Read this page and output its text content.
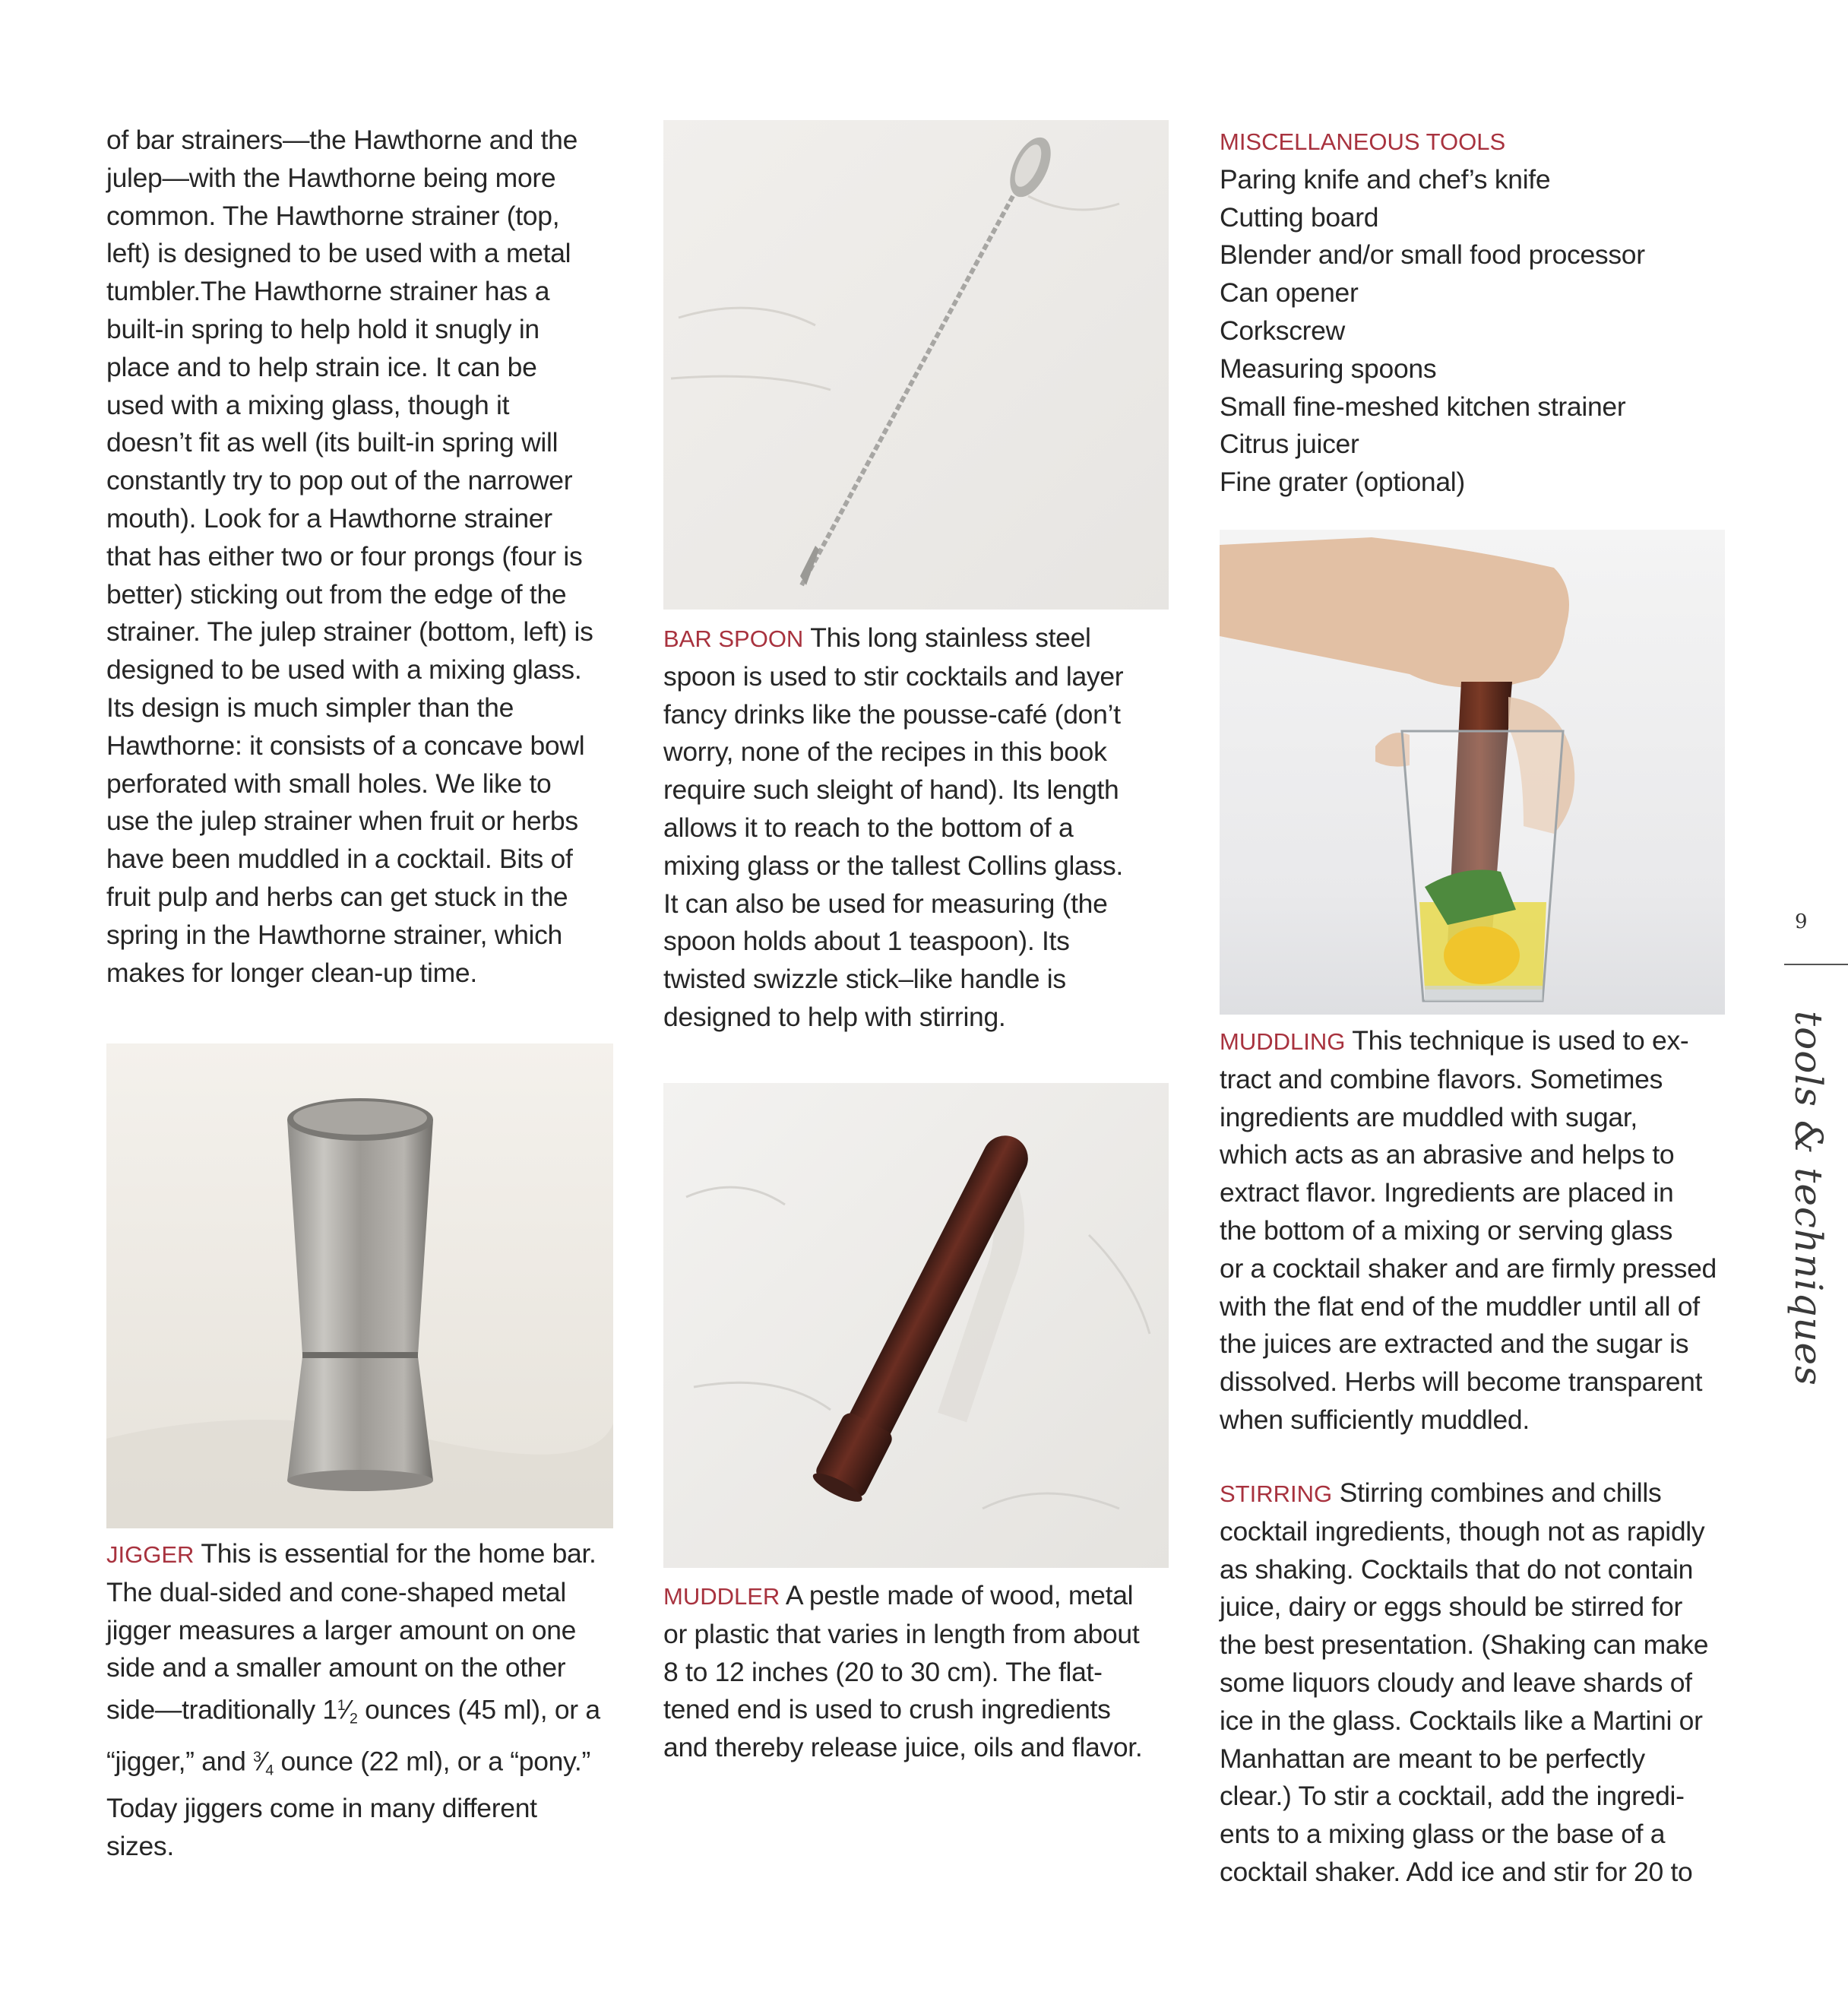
of bar strainers—the Hawthorne and the
julep—with the Hawthorne being more
common. The Hawthorne strainer (top,
left) is designed to be used with a metal
tumbler.The Hawthorne strainer has a
built-in spring to help hold it snugly in
place and to help strain ice. It can be
used with a mixing glass, though it
doesn’t fit as well (its built-in spring will
constantly try to pop out of the narrower
mouth). Look for a Hawthorne strainer
that has either two or four prongs (four is
better) sticking out from the edge of the
strainer. The julep strainer (bottom, left) is
designed to be used with a mixing glass.
Its design is much simpler than the
Hawthorne: it consists of a concave bowl
perforated with small holes. We like to
use the julep strainer when fruit or herbs
have been muddled in a cocktail. Bits of
fruit pulp and herbs can get stuck in the
spring in the Hawthorne strainer, which
makes for longer clean-up time.

JIGGER This is essential for the home bar.
The dual-sided and cone-shaped metal
jigger measures a larger amount on one
side and a smaller amount on the other
side—traditionally $1^1⁄_2$ ounces (45 ml), or a
“jigger,” and $^3⁄_4$ ounce (22 ml), or a “pony.”
Today jiggers come in many different
sizes.

BAR SPOON This long stainless steel
spoon is used to stir cocktails and layer
fancy drinks like the pousse-café (don’t
worry, none of the recipes in this book
require such sleight of hand). Its length
allows it to reach to the bottom of a
mixing glass or the tallest Collins glass.
It can also be used for measuring (the
spoon holds about 1 teaspoon). Its
twisted swizzle stick–like handle is
designed to help with stirring.

MUDDLER A pestle made of wood, metal
or plastic that varies in length from about
8 to 12 inches (20 to 30 cm). The flat-
tened end is used to crush ingredients
and thereby release juice, oils and flavor.

MISCELLANEOUS TOOLS
Paring knife and chef’s knife
Cutting board
Blender and/or small food processor
Can opener
Corkscrew
Measuring spoons
Small fine-meshed kitchen strainer
Citrus juicer
Fine grater (optional)

MUDDLING This technique is used to ex-
tract and combine flavors. Sometimes
ingredients are muddled with sugar,
which acts as an abrasive and helps to
extract flavor. Ingredients are placed in
the bottom of a mixing or serving glass
or a cocktail shaker and are firmly pressed
with the flat end of the muddler until all of
the juices are extracted and the sugar is
dissolved. Herbs will become transparent
when sufficiently muddled.

STIRRING Stirring combines and chills
cocktail ingredients, though not as rapidly
as shaking. Cocktails that do not contain
juice, dairy or eggs should be stirred for
the best presentation. (Shaking can make
some liquors cloudy and leave shards of
ice in the glass. Cocktails like a Martini or
Manhattan are meant to be perfectly
clear.) To stir a cocktail, add the ingredi-
ents to a mixing glass or the base of a
cocktail shaker. Add ice and stir for 20 to

9
tools & techniques
